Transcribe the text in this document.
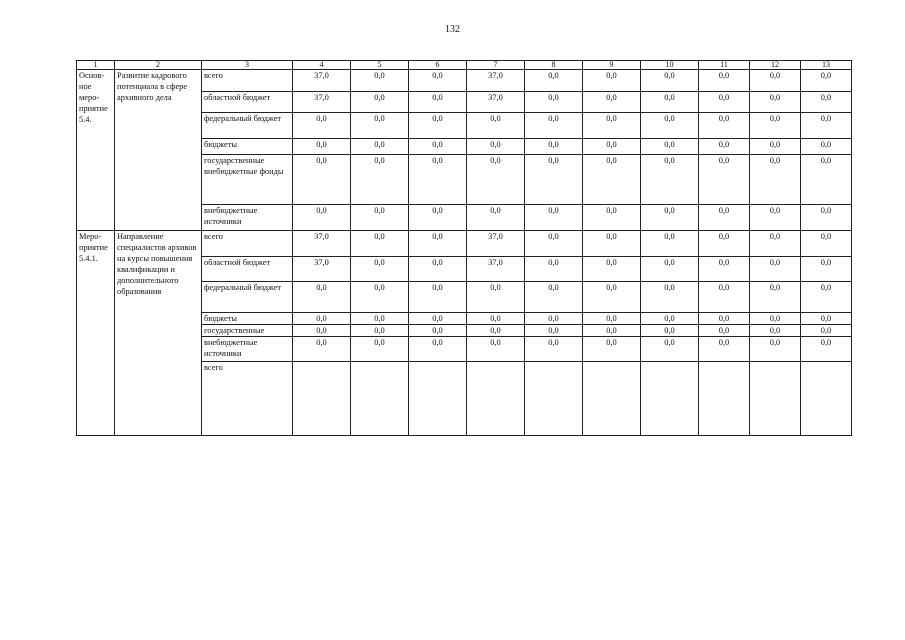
132
1	2	3	4	5	6	7	8	9	10	11	12	13
Основ-ное меро-приятие 5.4.	Развитие кадрового потенциала в сфере архивного дела	всего	37,0	0,0	0,0	37,0	0,0	0,0	0,0	0,0	0,0	0,0
		областной бюджет	37,0	0,0	0,0	37,0	0,0	0,0	0,0	0,0	0,0	0,0
		федеральный бюджет	0,0	0,0	0,0	0,0	0,0	0,0	0,0	0,0	0,0	0,0
		бюджеты	0,0	0,0	0,0	0,0	0,0	0,0	0,0	0,0	0,0	0,0
		государственные внебюджетные фонды	0,0	0,0	0,0	0,0	0,0	0,0	0,0	0,0	0,0	0,0
		внебюджетные источники	0,0	0,0	0,0	0,0	0,0	0,0	0,0	0,0	0,0	0,0
Меро-приятие 5.4.1.	Направление специалистов архивов на курсы повышения квалификации и дополнительного образования	всего	37,0	0,0	0,0	37,0	0,0	0,0	0,0	0,0	0,0	0,0
		областной бюджет	37,0	0,0	0,0	37,0	0,0	0,0	0,0	0,0	0,0	0,0
		федеральный бюджет	0,0	0,0	0,0	0,0	0,0	0,0	0,0	0,0	0,0	0,0
		бюджеты	0,0	0,0	0,0	0,0	0,0	0,0	0,0	0,0	0,0	0,0
		государственные	0,0	0,0	0,0	0,0	0,0	0,0	0,0	0,0	0,0	0,0
		внебюджетные источники	0,0	0,0	0,0	0,0	0,0	0,0	0,0	0,0	0,0	0,0
		всего										
